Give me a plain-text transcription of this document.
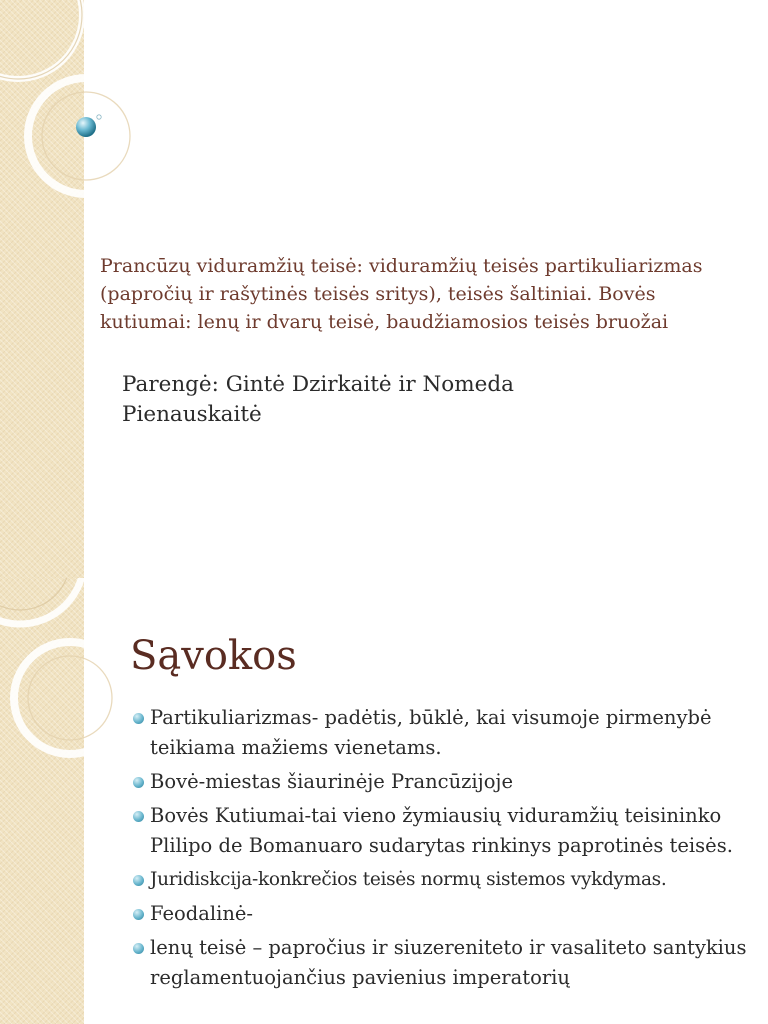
Prancūzų viduramžių teisė: viduramžių teisės partikuliarizmas (papročių ir rašytinės teisės sritys), teisės šaltiniai. Bovės kutiumai: lenų ir dvarų teisė, baudžiamosios teisės bruožai

Parengė: Gintė Dzirkaitė ir Nomeda
Pienauskaitė
Sąvokos
Partikuliarizmas- padėtis, būklė, kai visumoje pirmenybė teikiama mažiems vienetams.
Bovė-miestas šiaurinėje Prancūzijoje
Bovės Kutiumai-tai vieno žymiausių viduramžių teisininko Plilipo de Bomanuaro sudarytas rinkinys paprotinės teisės.
Juridiskcija-konkrečios teisės normų sistemos vykdymas.
Feodalinė-
lenų teisė – papročius ir siuzereniteto ir vasaliteto santykius reglamentuojančius pavienius imperatorių
